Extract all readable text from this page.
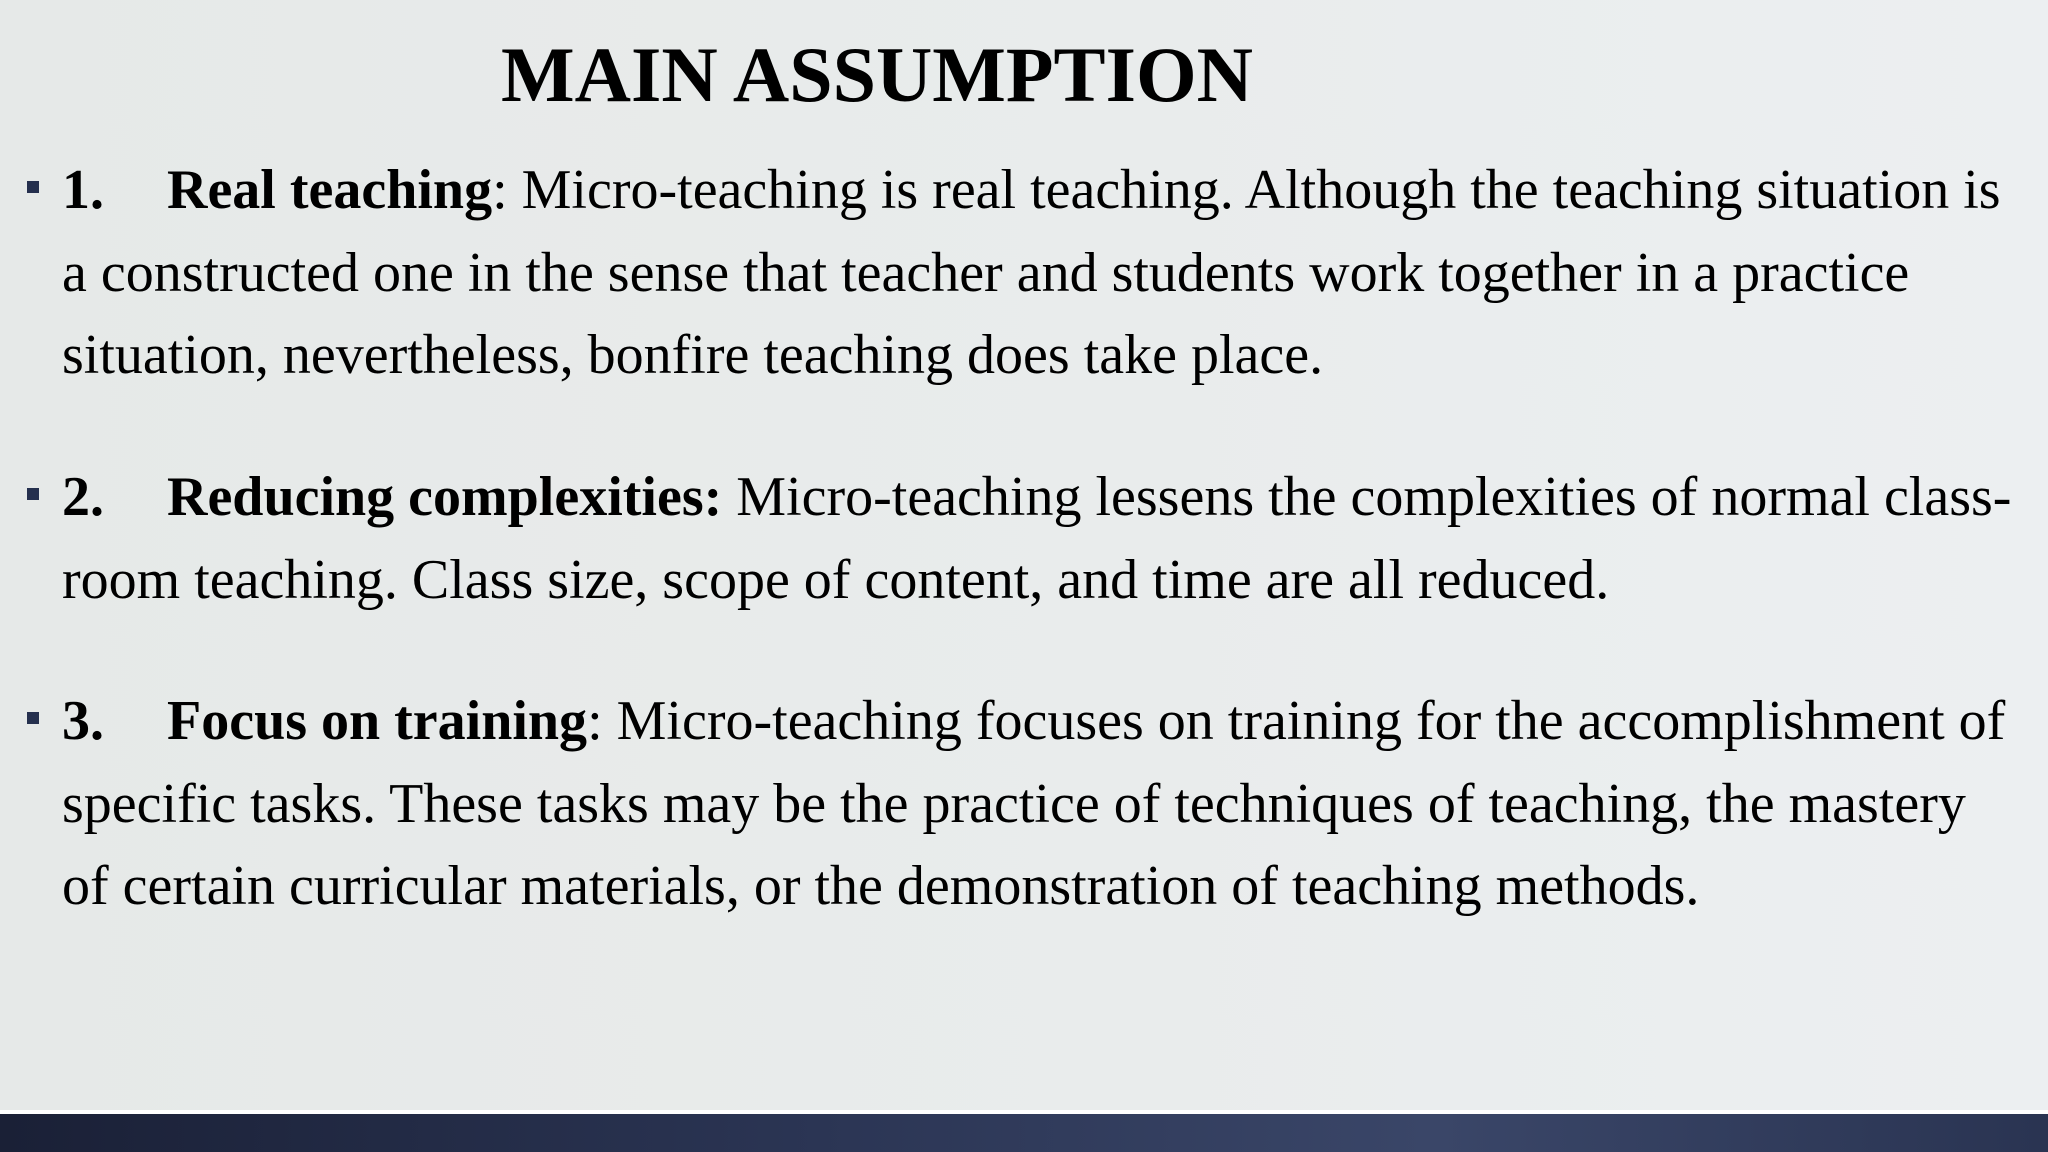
MAIN ASSUMPTION
1. Real teaching: Micro-teaching is real teaching. Although the teaching situation is a constructed one in the sense that teacher and students work together in a practice situation, nevertheless, bonfire teaching does take place.
2. Reducing complexities: Micro-teaching lessens the complexities of normal class-room teaching. Class size, scope of content, and time are all reduced.
3. Focus on training: Micro-teaching focuses on training for the accomplishment of specific tasks. These tasks may be the practice of techniques of teaching, the mastery of certain curricular materials, or the demonstration of teaching methods.
